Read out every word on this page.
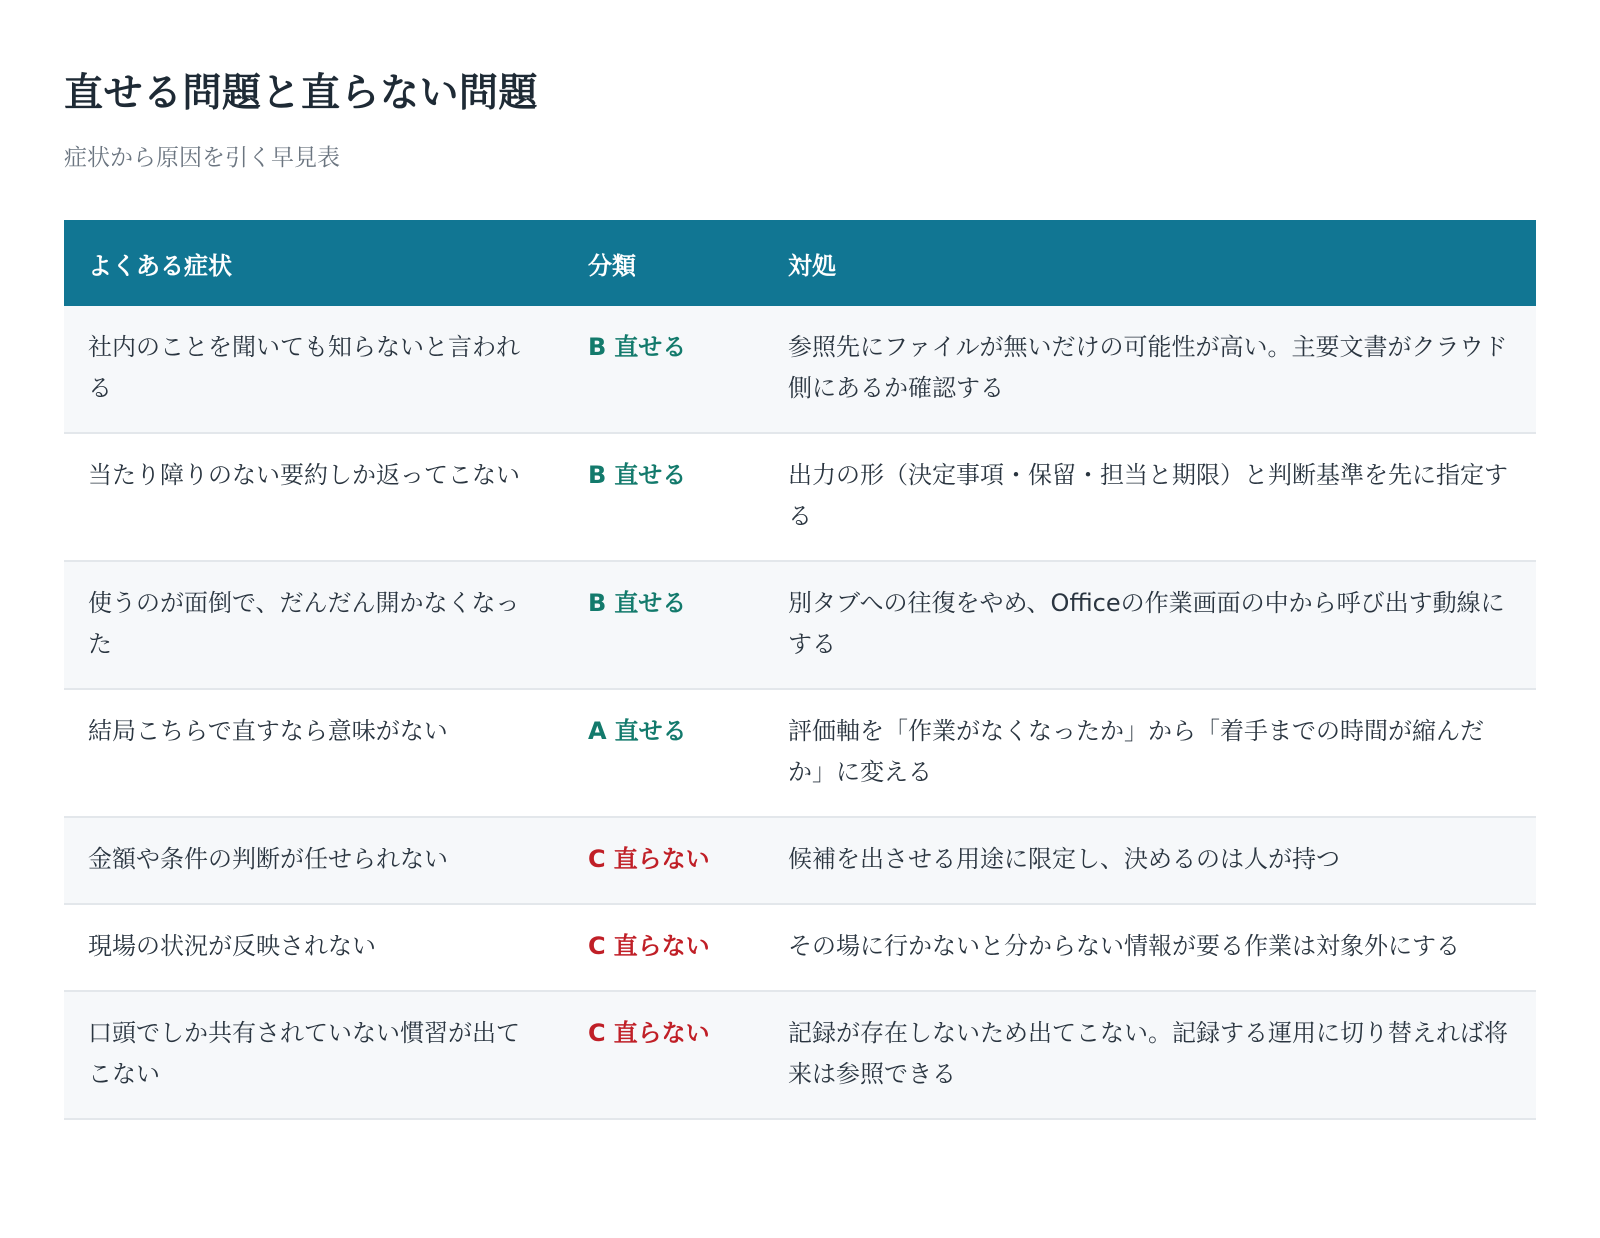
直せる問題と直らない問題

症状から原因を引く早見表

よくある症状	分類	対処
社内のことを聞いても知らないと言われる	B 直せる	参照先にファイルが無いだけの可能性が高い。主要文書がクラウド側にあるか確認する
当たり障りのない要約しか返ってこない	B 直せる	出力の形（決定事項・保留・担当と期限）と判断基準を先に指定する
使うのが面倒で、だんだん開かなくなった	B 直せる	別タブへの往復をやめ、Officeの作業画面の中から呼び出す動線にする
結局こちらで直すなら意味がない	A 直せる	評価軸を「作業がなくなったか」から「着手までの時間が縮んだか」に変える
金額や条件の判断が任せられない	C 直らない	候補を出させる用途に限定し、決めるのは人が持つ
現場の状況が反映されない	C 直らない	その場に行かないと分からない情報が要る作業は対象外にする
口頭でしか共有されていない慣習が出てこない	C 直らない	記録が存在しないため出てこない。記録する運用に切り替えれば将来は参照できる
